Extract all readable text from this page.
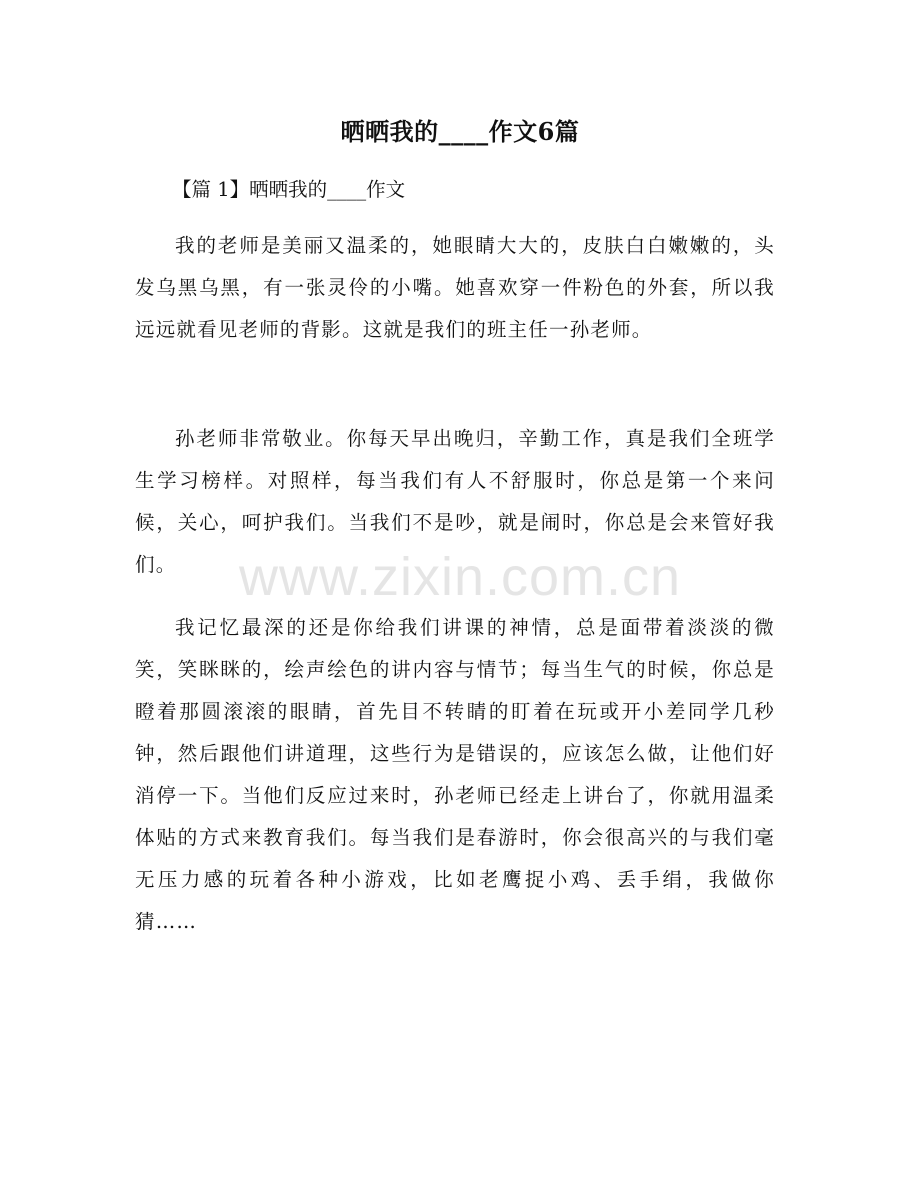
晒晒我的____作文6篇

【篇 1】晒晒我的____作文

我的老师是美丽又温柔的，她眼睛大大的，皮肤白白嫩嫩的，头发乌黑乌黑，有一张灵伶的小嘴。她喜欢穿一件粉色的外套，所以我远远就看见老师的背影。这就是我们的班主任一孙老师。

孙老师非常敬业。你每天早出晚归，辛勤工作，真是我们全班学生学习榜样。对照样，每当我们有人不舒服时，你总是第一个来问候，关心，呵护我们。当我们不是吵，就是闹时，你总是会来管好我们。

我记忆最深的还是你给我们讲课的神情，总是面带着淡淡的微笑，笑眯眯的，绘声绘色的讲内容与情节；每当生气的时候，你总是瞪着那圆滚滚的眼睛，首先目不转睛的盯着在玩或开小差同学几秒钟，然后跟他们讲道理，这些行为是错误的，应该怎么做，让他们好消停一下。当他们反应过来时，孙老师已经走上讲台了，你就用温柔体贴的方式来教育我们。每当我们是春游时，你会很高兴的与我们毫无压力感的玩着各种小游戏，比如老鹰捉小鸡、丢手绢，我做你猜……

www.zixin.com.cn
